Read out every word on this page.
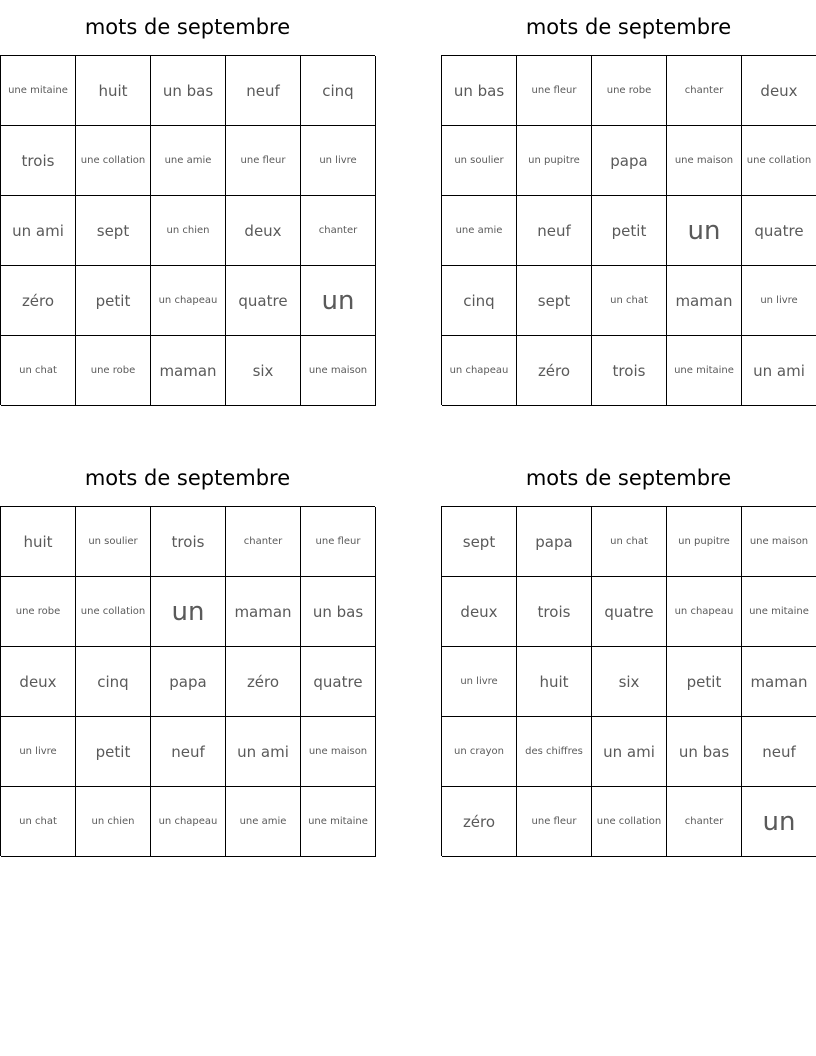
mots de septembre
une mitaine	huit	un bas	neuf	cinq
trois	une collation	une amie	une fleur	un livre
un ami	sept	un chien	deux	chanter
zéro	petit	un chapeau	quatre	un
un chat	une robe	maman	six	une maison
mots de septembre
un bas	une fleur	une robe	chanter	deux
un soulier	un pupitre	papa	une maison	une collation
une amie	neuf	petit	un	quatre
cinq	sept	un chat	maman	un livre
un chapeau	zéro	trois	une mitaine	un ami
mots de septembre
huit	un soulier	trois	chanter	une fleur
une robe	une collation	un	maman	un bas
deux	cinq	papa	zéro	quatre
un livre	petit	neuf	un ami	une maison
un chat	un chien	un chapeau	une amie	une mitaine
mots de septembre
sept	papa	un chat	un pupitre	une maison
deux	trois	quatre	un chapeau	une mitaine
un livre	huit	six	petit	maman
un crayon	des chiffres	un ami	un bas	neuf
zéro	une fleur	une collation	chanter	un
